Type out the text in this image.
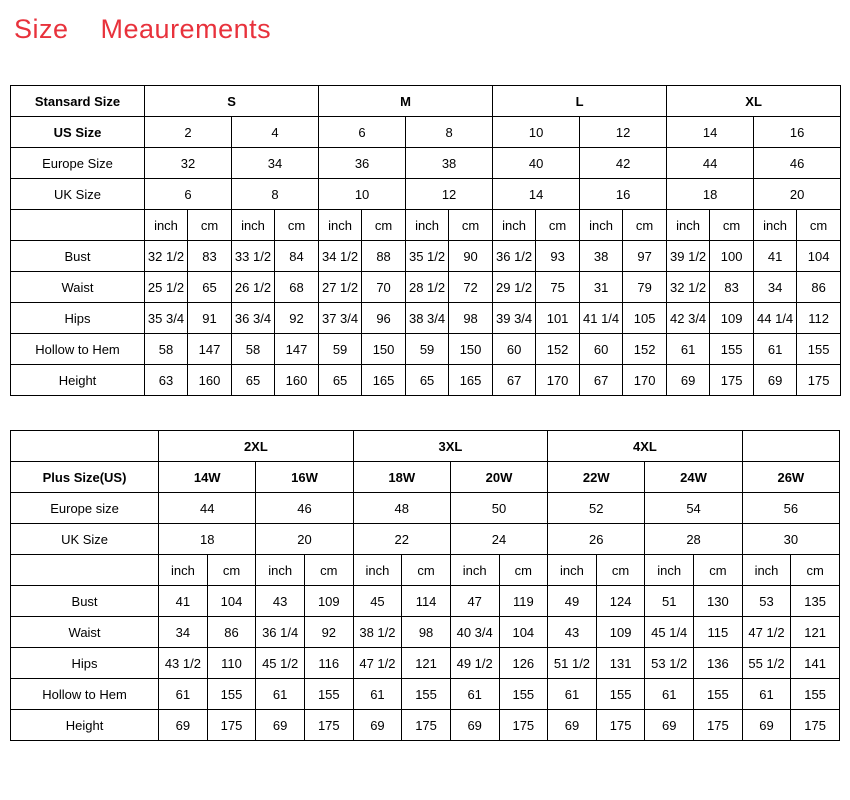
Size    Meaurements
Stansard Size	S				M				L				XL			
US Size	2		4		6		8		10		12		14		16	
Europe Size	32		34		36		38		40		42		44		46	
UK Size	6		8		10		12		14		16		18		20	
	inch	cm	inch	cm	inch	cm	inch	cm	inch	cm	inch	cm	inch	cm	inch	cm
Bust	32 1/2	83	33 1/2	84	34 1/2	88	35 1/2	90	36 1/2	93	38	97	39 1/2	100	41	104
Waist	25 1/2	65	26 1/2	68	27 1/2	70	28 1/2	72	29 1/2	75	31	79	32 1/2	83	34	86
Hips	35 3/4	91	36 3/4	92	37 3/4	96	38 3/4	98	39 3/4	101	41 1/4	105	42 3/4	109	44 1/4	112
Hollow to Hem	58	147	58	147	59	150	59	150	60	152	60	152	61	155	61	155
Height	63	160	65	160	65	165	65	165	67	170	67	170	69	175	69	175
	2XL				3XL				4XL					
Plus Size(US)	14W		16W		18W		20W		22W		24W		26W	
Europe size	44		46		48		50		52		54		56	
UK Size	18		20		22		24		26		28		30	
	inch	cm	inch	cm	inch	cm	inch	cm	inch	cm	inch	cm	inch	cm
Bust	41	104	43	109	45	114	47	119	49	124	51	130	53	135
Waist	34	86	36 1/4	92	38 1/2	98	40 3/4	104	43	109	45 1/4	115	47 1/2	121
Hips	43 1/2	110	45 1/2	116	47 1/2	121	49 1/2	126	51 1/2	131	53 1/2	136	55 1/2	141
Hollow to Hem	61	155	61	155	61	155	61	155	61	155	61	155	61	155
Height	69	175	69	175	69	175	69	175	69	175	69	175	69	175
